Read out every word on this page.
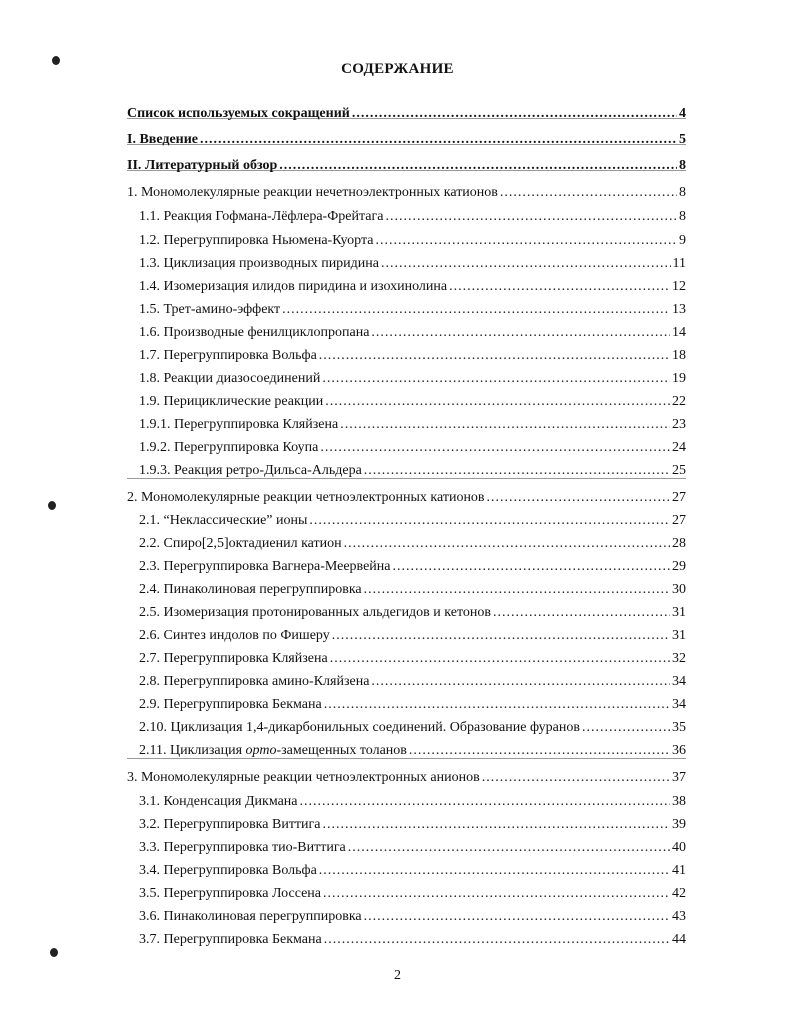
СОДЕРЖАНИЕ
Список используемых сокращений .....	4
I. Введение .....	5
II. Литературный обзор .....	8
1. Мономолекулярные реакции нечетноэлектронных катионов .....	8
1.1. Реакция Гофмана-Лёфлера-Фрейтага .....	8
1.2. Перегруппировка Ньюмена-Куорта .....	9
1.3. Циклизация производных пиридина .....	11
1.4. Изомеризация илидов пиридина и изохинолина .....	12
1.5. Трет-амино-эффект .....	13
1.6. Производные фенилциклопропана .....	14
1.7. Перегруппировка Вольфа .....	18
1.8. Реакции диазосоединений .....	19
1.9. Перициклические реакции .....	22
1.9.1. Перегруппировка Кляйзена .....	23
1.9.2. Перегруппировка Коупа .....	24
1.9.3. Реакция ретро-Дильса-Альдера .....	25
2. Мономолекулярные реакции четноэлектронных катионов .....	27
2.1. “Неклассические” ионы .....	27
2.2. Спиро[2,5]октадиенил катион .....	28
2.3. Перегруппировка Вагнера-Меервейна .....	29
2.4. Пинаколиновая перегруппировка .....	30
2.5. Изомеризация протонированных альдегидов и кетонов .....	31
2.6. Синтез индолов по Фишеру .....	31
2.7. Перегруппировка Кляйзена .....	32
2.8. Перегруппировка амино-Кляйзена .....	34
2.9. Перегруппировка Бекмана .....	34
2.10. Циклизация 1,4-дикарбонильных соединений. Образование фуранов .....	35
2.11. Циклизация орто-замещенных толанов .....	36
3. Мономолекулярные реакции четноэлектронных анионов .....	37
3.1. Конденсация Дикмана .....	38
3.2. Перегруппировка Виттига .....	39
3.3. Перегруппировка тио-Виттига .....	40
3.4. Перегруппировка Вольфа .....	41
3.5. Перегруппировка Лоссена .....	42
3.6. Пинаколиновая перегруппировка .....	43
3.7. Перегруппировка Бекмана .....	44
2
